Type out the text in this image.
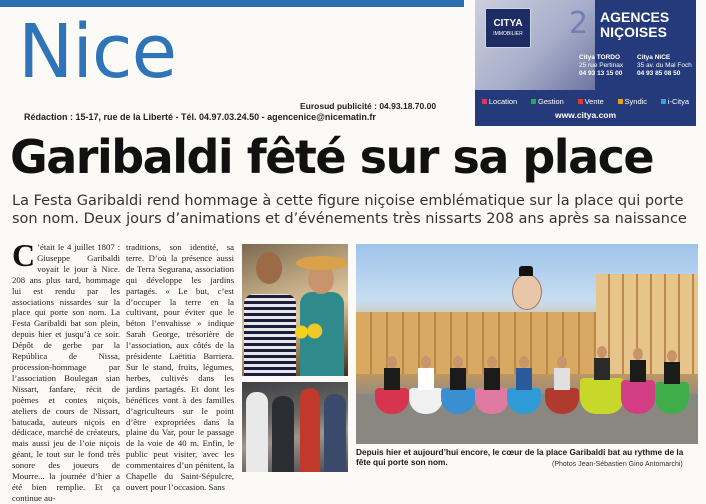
Nice
Eurosud publicité : 04.93.18.70.00
Rédaction : 15-17, rue de la Liberté - Tél. 04.97.03.24.50 - agencenice@nicematin.fr
CITYA
IMMOBILIER 2 AGENCES
NIÇOISES
Citya TORDO
25 rue Pertinax
04 93 13 15 00
Citya NICE
35 av. du Mal Foch
04 93 85 08 50
Location	Gestion	Vente	Syndic	i-Citya
www.citya.com
Garibaldi fêté sur sa place
La Festa Garibaldi rend hommage à cette figure niçoise emblématique sur la place qui porte son nom. Deux jours d’animations et d’événements très nissarts 208 ans après sa naissance
C ’était le 4 juillet 1807 : Giuseppe Garibaldi voyait le jour à Nice. 208 ans plus tard, hommage lui est rendu par les associations nissardes sur la place qui porte son nom. La Festa Garibaldi bat son plein, depuis hier et jusqu’à ce soir. Dépôt de gerbe par la República de Nissa, procession-hommage par l’association Boulegan sian Nissart, fanfare, récit de poèmes et contes niçois, ateliers de cours de Nissart, batucada, auteurs niçois en dédicace, marché de créateurs, mais aussi jeu de l’oie niçois géant, le tout sur le fond très sonore des joueurs de Mourre... la journée d’hier a été bien remplie. Et ça continue au-
traditions, son identité, sa terre. D’où la présence aussi de Terra Segurana, association qui développe les jardins partagés. « Le but, c’est d’occuper la terre en la cultivant, pour éviter que le béton l’envahisse » indique Sarah George, trésorière de l’association, aux côtés de la présidente Laëtitia Barriera. Sur le stand, fruits, légumes, herbes, cultivés dans les jardins partagés. Et dont les bénéfices vont à des familles d’agriculteurs sur le point d’être expropriées dans la plaine du Var, pour le passage de la voie de 40 m. Enfin, le public peut visiter, avec les commentaires d’un pénitent, la Chapelle du Saint-Sépulcre, ouvert pour l’occasion. Sans
Depuis hier et aujourd’hui encore, le cœur de la place Garibaldi bat au rythme de la fête qui porte son nom.	(Photos Jean-Sébastien Gino Antomarchi)
